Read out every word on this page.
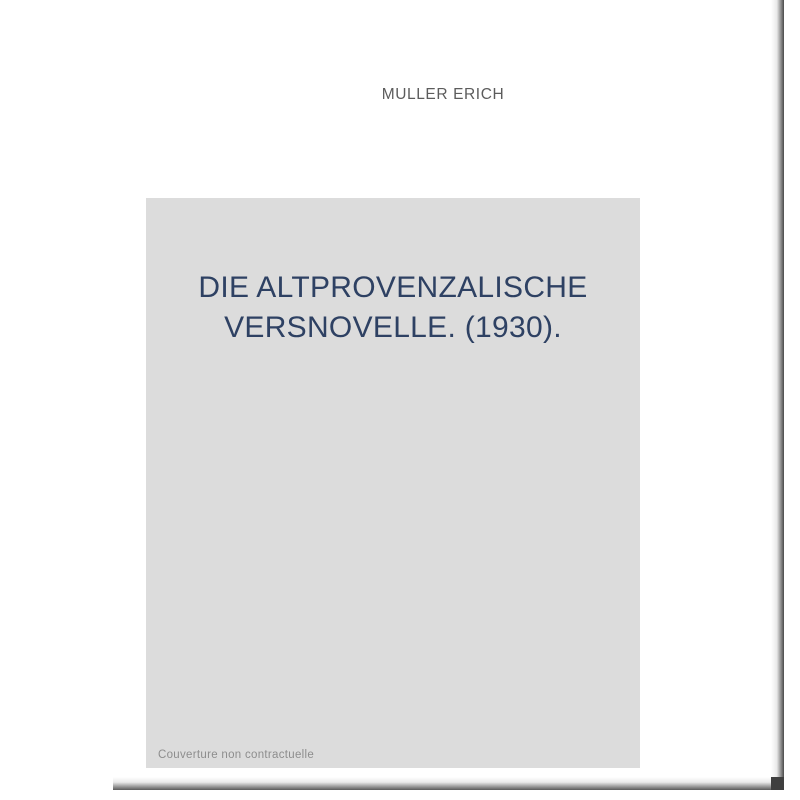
MULLER ERICH
DIE ALTPROVENZALISCHE VERSNOVELLE. (1930).
Couverture non contractuelle
